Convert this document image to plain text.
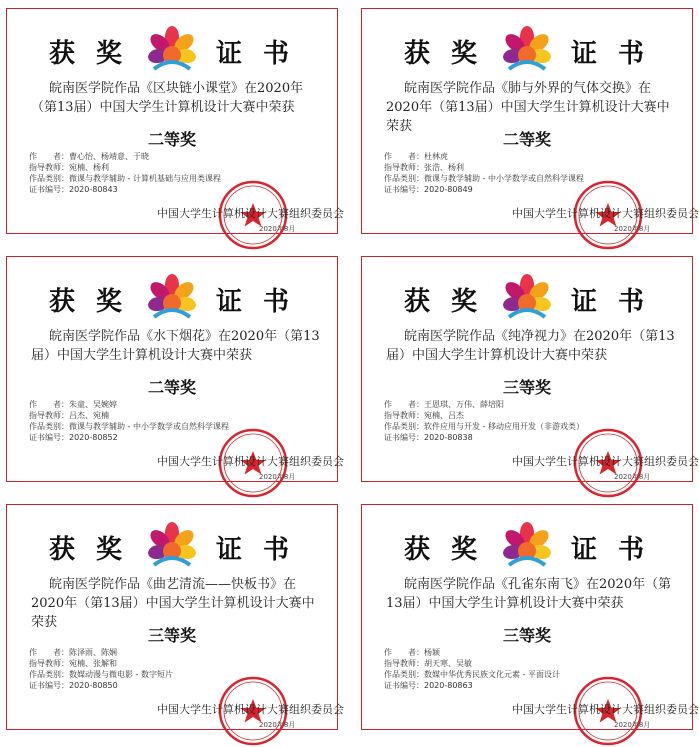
获 奖	证 书
皖南医学院作品《区块链小课堂》在2020年（第13届）中国大学生计算机设计大赛中荣获
二等奖
作　　者：曹心怡、杨靖意、于晓
指导教师：宛楠、杨利
作品类别：微课与教学辅助 - 计算机基础与应用类课程
证书编号：2020-80843
中国大学生计算机设计大赛组织委员会
2020年8月
获 奖	证 书
皖南医学院作品《肺与外界的气体交换》在2020年（第13届）中国大学生计算机设计大赛中荣获
二等奖
作　　者：杜林虎
指导教师：张浩、杨利
作品类别：微课与教学辅助 - 中小学数学或自然科学课程
证书编号：2020-80849
中国大学生计算机设计大赛组织委员会
2020年8月
获 奖	证 书
皖南医学院作品《水下烟花》在2020年（第13届）中国大学生计算机设计大赛中荣获
二等奖
作　　者：朱童、吴婉婷
指导教师：吕杰、宛楠
作品类别：微课与教学辅助 - 中小学数学或自然科学课程
证书编号：2020-80852
中国大学生计算机设计大赛组织委员会
2020年8月
获 奖	证 书
皖南医学院作品《纯净视力》在2020年（第13届）中国大学生计算机设计大赛中荣获
三等奖
作　　者：王恩琪、万伟、薛培阳
指导教师：宛楠、吕杰
作品类别：软件应用与开发 - 移动应用开发（非游戏类）
证书编号：2020-80838
中国大学生计算机设计大赛组织委员会
2020年8月
获 奖	证 书
皖南医学院作品《曲艺清流——快板书》在2020年（第13届）中国大学生计算机设计大赛中荣获
三等奖
作　　者：陈泽雨、陈娴
指导教师：宛楠、张解和
作品类别：数媒动漫与微电影 - 数字短片
证书编号：2020-80850
中国大学生计算机设计大赛组织委员会
2020年8月
获 奖	证 书
皖南医学院作品《孔雀东南飞》在2020年（第13届）中国大学生计算机设计大赛中荣获
三等奖
作　　者：杨颖
指导教师：胡天寒、吴敏
作品类别：数媒中华优秀民族文化元素 - 平面设计
证书编号：2020-80863
中国大学生计算机设计大赛组织委员会
2020年8月
